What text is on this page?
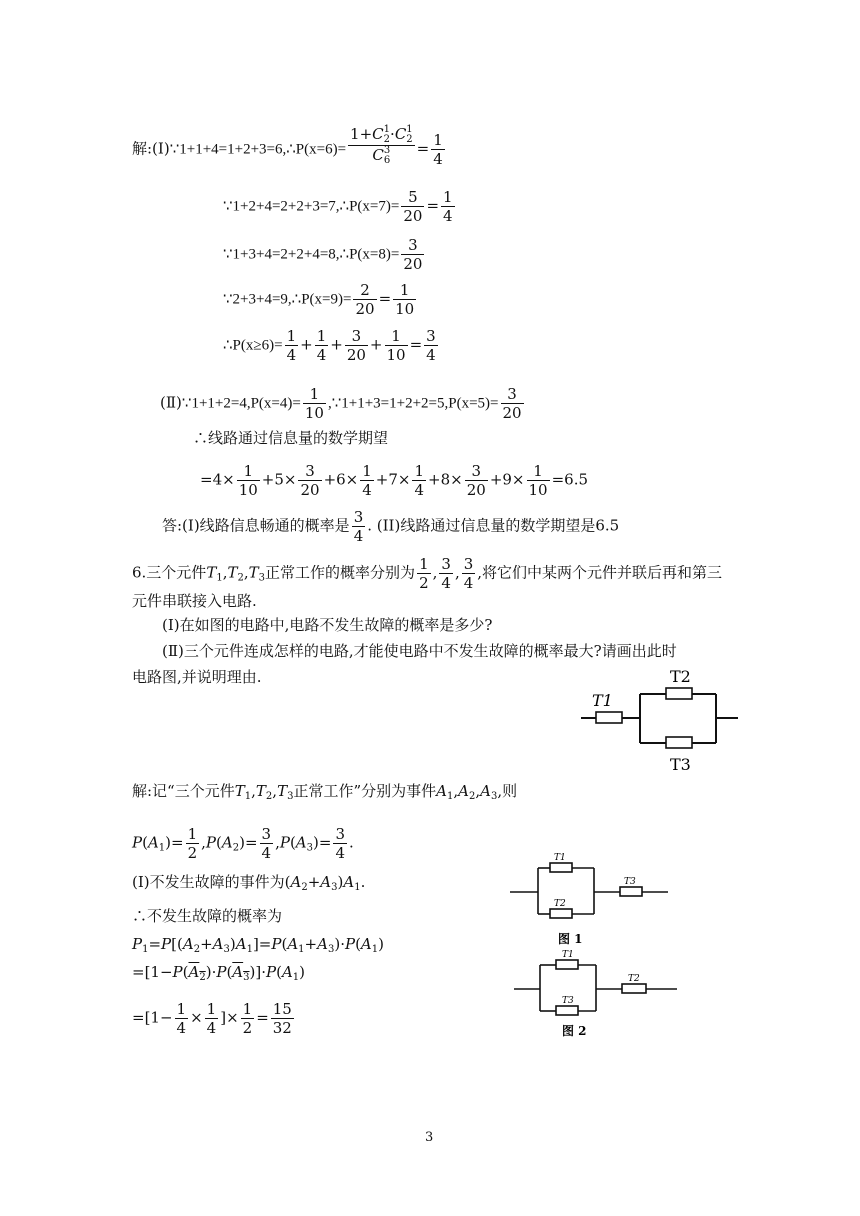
解:(Ⅰ)∵1+1+4=1+2+3=6,∴P(x=6)= 1+C 1
2 ·C 1
2
C 3
$6 = \frac{1}{4}$
∵1+2+4=2+2+3=7,∴P(x=7)= $\frac{5}{20} = \frac{1}{4}$
∵1+3+4=2+2+4=8,∴P(x=8)= $\frac{3}{20}$
∵2+3+4=9,∴P(x=9)= $\frac{2}{20} = \frac{1}{10}$
∴P(x≥6)= $\frac{1}{4} + \frac{1}{4} + \frac{3}{20} + \frac{1}{10} = \frac{3}{4}$
(Ⅱ)∵1+1+2=4,P(x=4)= $\frac{1}{10}$ ,∵1+1+3=1+2+2=5,P(x=5)= $\frac{3}{20}$
∴线路通过信息量的数学期望
$=4\times \frac{1}{10} +5\times \frac{3}{20} +6\times \frac{1}{4} +7\times \frac{1}{4} +8\times \frac{3}{20} +9\times \frac{1}{10} =6.5$
答:(I)线路信息畅通的概率是 $\frac{3}{4}$ . (II)线路通过信息量的数学期望是6.5
6.三个元件$T_1,T_2,T_3$正常工作的概率分别为 $\frac{1}{2}$ , $\frac{3}{4}$ , $\frac{3}{4}$ ,将它们中某两个元件并联后再和第三
元件串联接入电路.
(Ⅰ)在如图的电路中,电路不发生故障的概率是多少?
(Ⅱ)三个元件连成怎样的电路,才能使电路中不发生故障的概率最大?请画出此时
电路图,并说明理由.
T1
T2
T3
解:记“三个元件$T_1,T_2,T_3$正常工作”分别为事件$A_1,A_2,A_3$,则
$P(A_1)= \frac{1}{2} ,P(A_2)= \frac{3}{4} ,P(A_3)= \frac{3}{4}$ .
(Ⅰ)不发生故障的事件为$(A_2+A_3)A_1$.
∴不发生故障的概率为
$P_1=P[(A_2+A_3)A_1]=P(A_1+A_3)\cdot P(A_1)$
$=[1-P(A_2)\cdot P(A_3)]\cdot P(A_1)$
$=[1- \frac{1}{4} \times \frac{1}{4}$ ]× $\frac{1}{2} = \frac{15}{32}$
T1
T2
T3
图 1
T1
T3
T2
图 2
3
